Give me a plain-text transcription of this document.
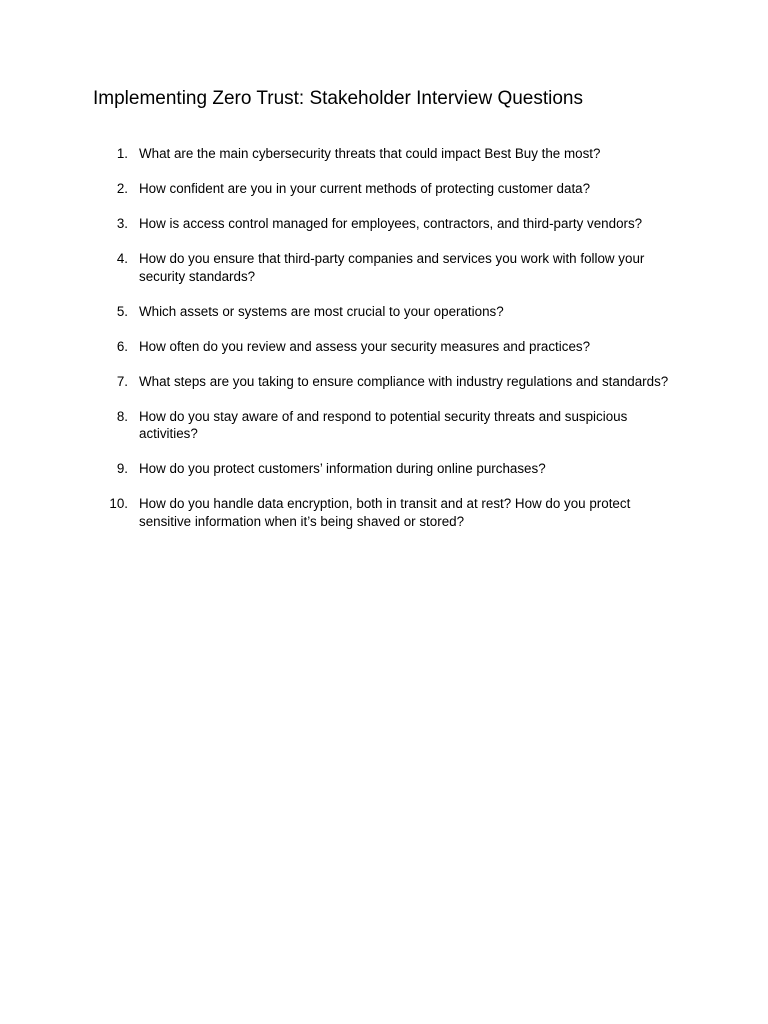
Implementing Zero Trust: Stakeholder Interview Questions
1. What are the main cybersecurity threats that could impact Best Buy the most?
2. How confident are you in your current methods of protecting customer data?
3. How is access control managed for employees, contractors, and third-party vendors?
4. How do you ensure that third-party companies and services you work with follow your security standards?
5. Which assets or systems are most crucial to your operations?
6. How often do you review and assess your security measures and practices?
7. What steps are you taking to ensure compliance with industry regulations and standards?
8. How do you stay aware of and respond to potential security threats and suspicious activities?
9. How do you protect customers’ information during online purchases?
10. How do you handle data encryption, both in transit and at rest? How do you protect sensitive information when it’s being shaved or stored?
